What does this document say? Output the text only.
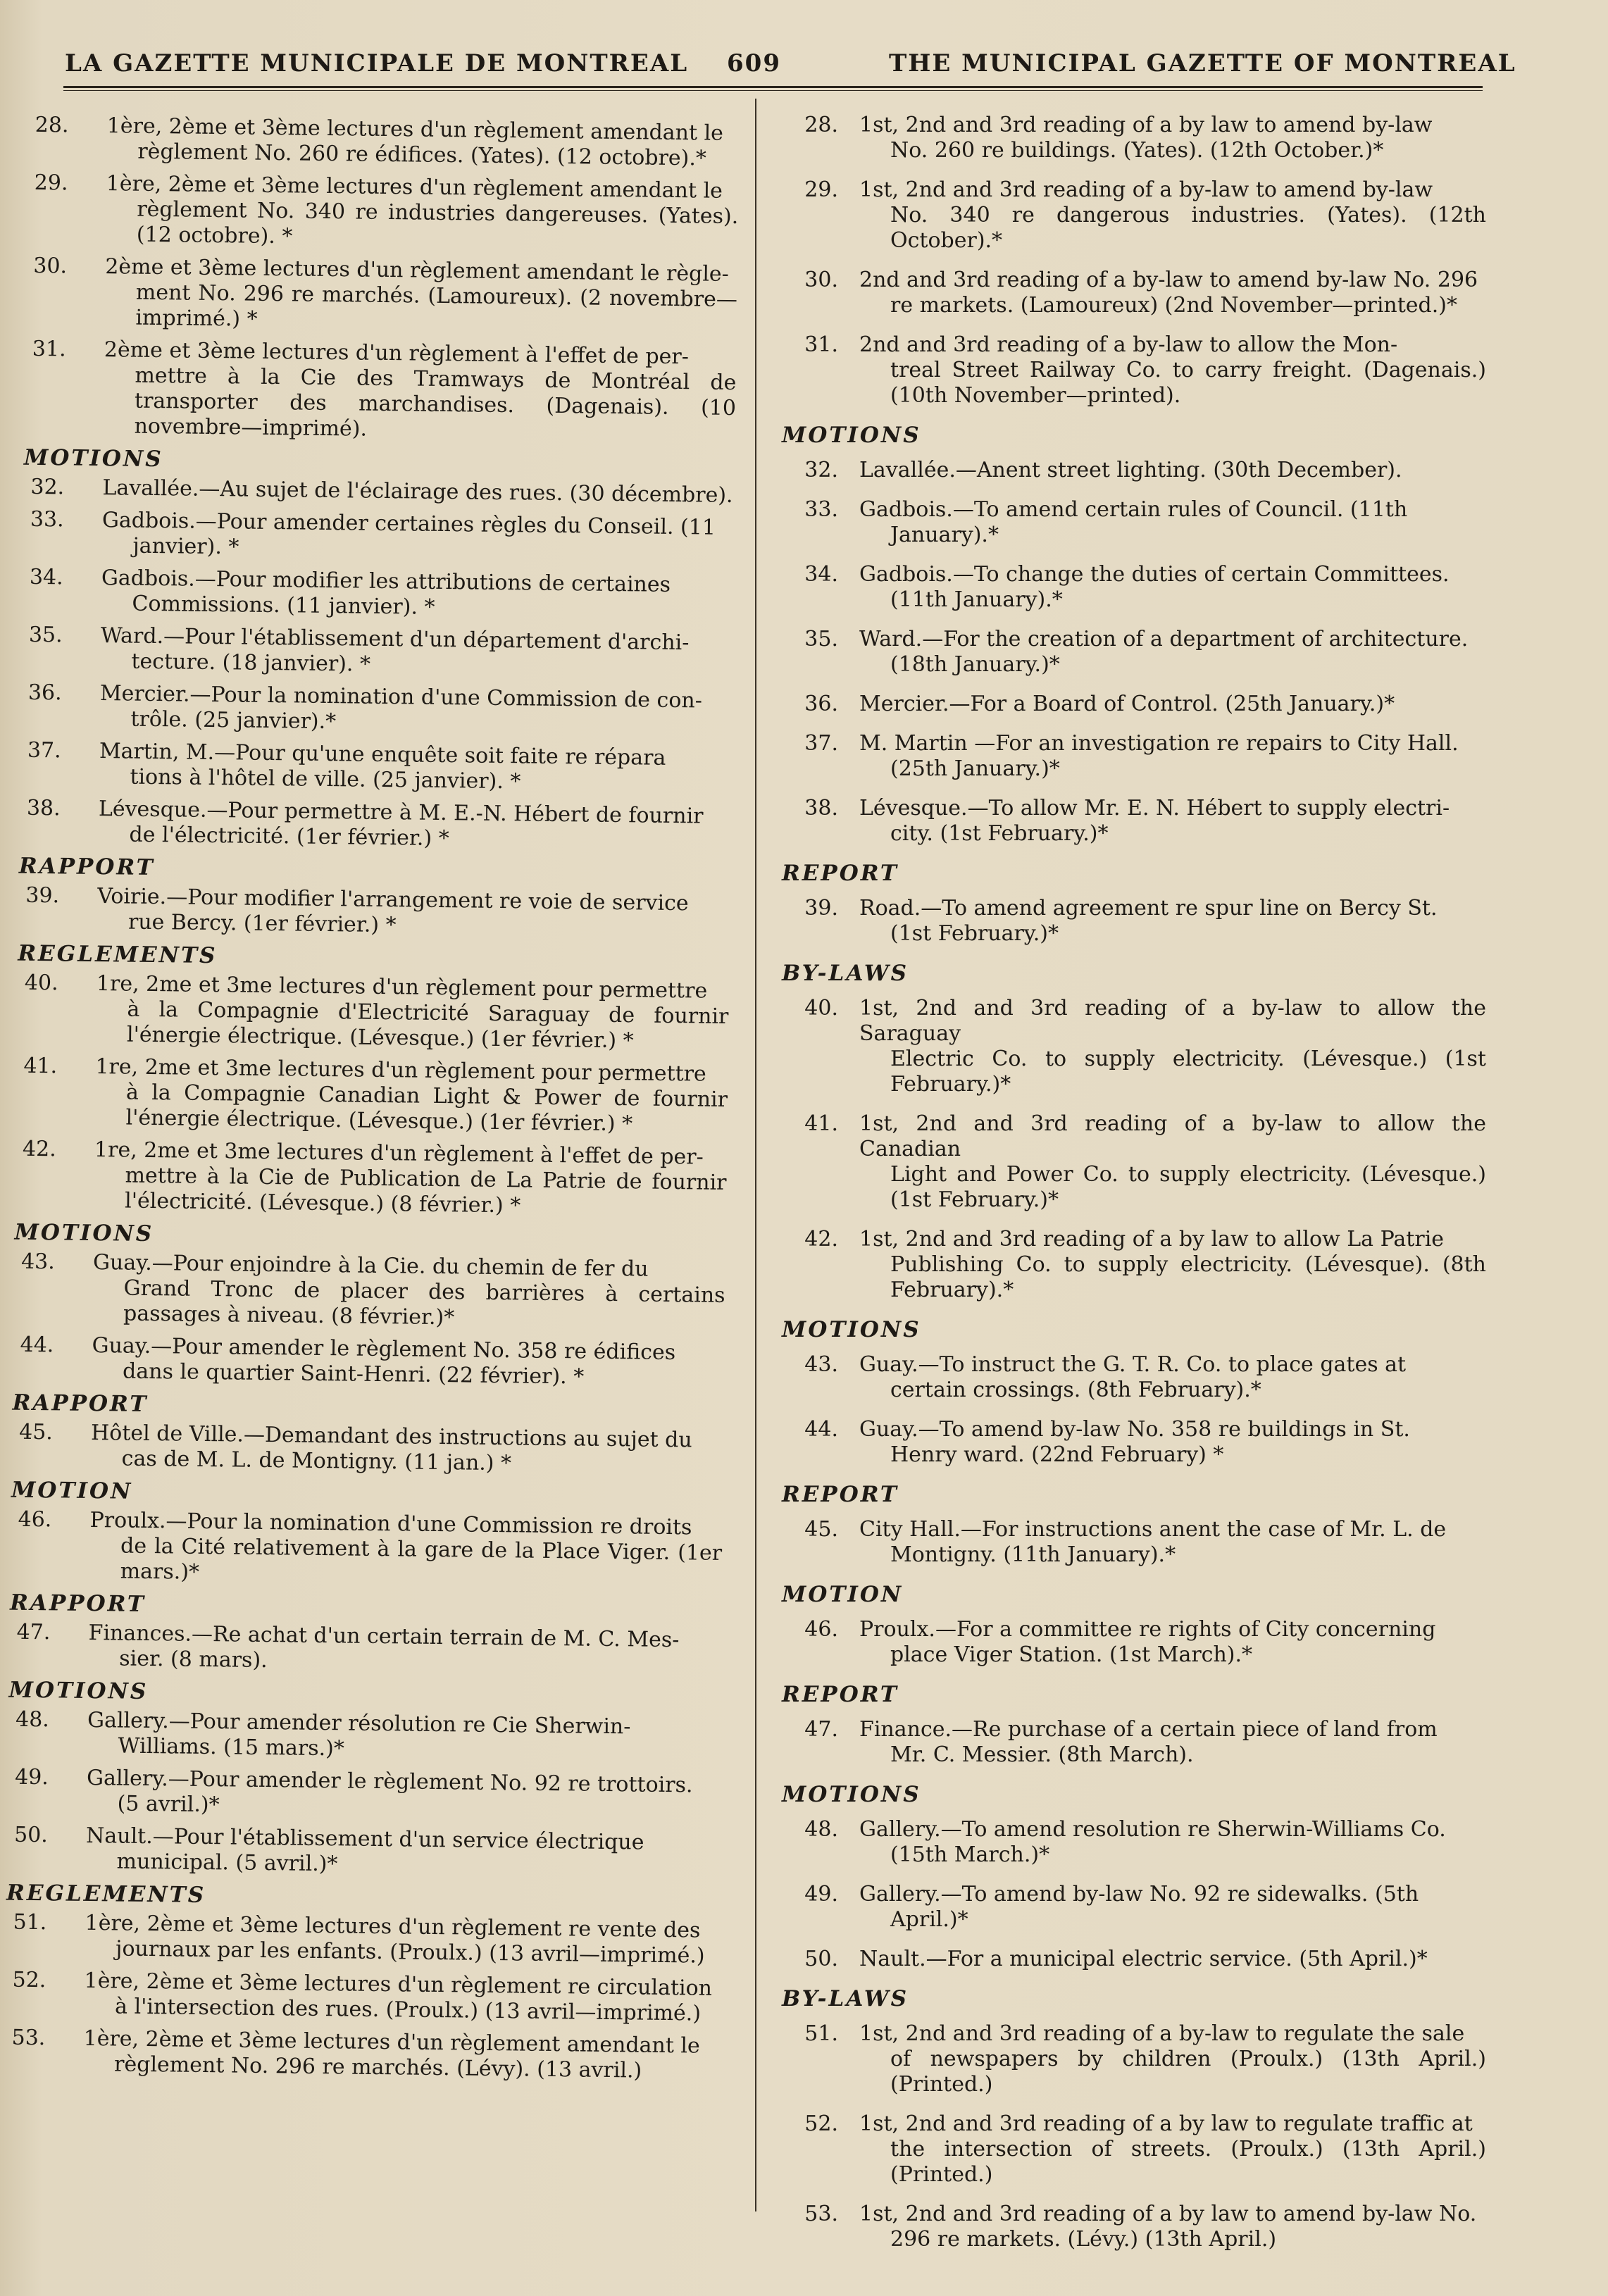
LA GAZETTE MUNICIPALE DE MONTREAL 609	THE MUNICIPAL GAZETTE OF MONTREAL
28.	1ère, 2ème et 3ème lectures d'un règlement amendant le
règlement No. 260 re édifices. (Yates). (12 octobre).*
29.	1ère, 2ème et 3ème lectures d'un règlement amendant le
règlement No. 340 re industries dangereuses. (Yates). (12 octobre). *
30.	2ème et 3ème lectures d'un règlement amendant le règle-
ment No. 296 re marchés. (Lamoureux). (2 novembre—imprimé.) *
31.	2ème et 3ème lectures d'un règlement à l'effet de per-
mettre à la Cie des Tramways de Montréal de transporter des marchandises. (Dagenais). (10 novembre—imprimé).
MOTIONS
32.	Lavallée.—Au sujet de l'éclairage des rues. (30 décembre).
33.	Gadbois.—Pour amender certaines règles du Conseil. (11
janvier). *
34.	Gadbois.—Pour modifier les attributions de certaines
Commissions. (11 janvier). *
35.	Ward.—Pour l'établissement d'un département d'archi-
tecture. (18 janvier). *
36.	Mercier.—Pour la nomination d'une Commission de con-
trôle. (25 janvier).*
37.	Martin, M.—Pour qu'une enquête soit faite re répara
tions à l'hôtel de ville. (25 janvier). *
38.	Lévesque.—Pour permettre à M. E.-N. Hébert de fournir
de l'électricité. (1er février.) *
RAPPORT
39.	Voirie.—Pour modifier l'arrangement re voie de service
rue Bercy. (1er février.) *
REGLEMENTS
40.	1re, 2me et 3me lectures d'un règlement pour permettre
à la Compagnie d'Electricité Saraguay de fournir l'énergie électrique. (Lévesque.) (1er février.) *
41.	1re, 2me et 3me lectures d'un règlement pour permettre
à la Compagnie Canadian Light & Power de fournir l'énergie électrique. (Lévesque.) (1er février.) *
42.	1re, 2me et 3me lectures d'un règlement à l'effet de per-
mettre à la Cie de Publication de La Patrie de fournir l'électricité. (Lévesque.) (8 février.) *
MOTIONS
43.	Guay.—Pour enjoindre à la Cie. du chemin de fer du
Grand Tronc de placer des barrières à certains passages à niveau. (8 février.)*
44.	Guay.—Pour amender le règlement No. 358 re édifices
dans le quartier Saint-Henri. (22 février). *
RAPPORT
45.	Hôtel de Ville.—Demandant des instructions au sujet du
cas de M. L. de Montigny. (11 jan.) *
MOTION
46.	Proulx.—Pour la nomination d'une Commission re droits
de la Cité relativement à la gare de la Place Viger. (1er mars.)*
RAPPORT
47.	Finances.—Re achat d'un certain terrain de M. C. Mes-
sier. (8 mars).
MOTIONS
48.	Gallery.—Pour amender résolution re Cie Sherwin-
Williams. (15 mars.)*
49.	Gallery.—Pour amender le règlement No. 92 re trottoirs.
(5 avril.)*
50.	Nault.—Pour l'établissement d'un service électrique
municipal. (5 avril.)*
REGLEMENTS
51.	1ère, 2ème et 3ème lectures d'un règlement re vente des
journaux par les enfants. (Proulx.) (13 avril—imprimé.)
52.	1ère, 2ème et 3ème lectures d'un règlement re circulation
à l'intersection des rues. (Proulx.) (13 avril—imprimé.)
53.	1ère, 2ème et 3ème lectures d'un règlement amendant le
règlement No. 296 re marchés. (Lévy). (13 avril.)
28. 1st, 2nd and 3rd reading of a by law to amend by-law
No. 260 re buildings. (Yates). (12th October.)*
29. 1st, 2nd and 3rd reading of a by-law to amend by-law
No. 340 re dangerous industries. (Yates). (12th October).*
30. 2nd and 3rd reading of a by-law to amend by-law No. 296
re markets. (Lamoureux) (2nd November—printed.)*
31. 2nd and 3rd reading of a by-law to allow the Mon-
treal Street Railway Co. to carry freight. (Dagenais.) (10th November—printed).
MOTIONS
32. Lavallée.—Anent street lighting. (30th December).
33. Gadbois.—To amend certain rules of Council. (11th
January).*
34. Gadbois.—To change the duties of certain Committees.
(11th January).*
35. Ward.—For the creation of a department of architecture.
(18th January.)*
36. Mercier.—For a Board of Control. (25th January.)*
37. M. Martin —For an investigation re repairs to City Hall.
(25th January.)*
38. Lévesque.—To allow Mr. E. N. Hébert to supply electri-
city. (1st February.)*
REPORT
39. Road.—To amend agreement re spur line on Bercy St.
(1st February.)*
BY-LAWS
40. 1st, 2nd and 3rd reading of a by-law to allow the Saraguay
Electric Co. to supply electricity. (Lévesque.) (1st February.)*
41. 1st, 2nd and 3rd reading of a by-law to allow the Canadian
Light and Power Co. to supply electricity. (Lévesque.) (1st February.)*
42. 1st, 2nd and 3rd reading of a by law to allow La Patrie
Publishing Co. to supply electricity. (Lévesque). (8th February).*
MOTIONS
43. Guay.—To instruct the G. T. R. Co. to place gates at
certain crossings. (8th February).*
44. Guay.—To amend by-law No. 358 re buildings in St.
Henry ward. (22nd February) *
REPORT
45. City Hall.—For instructions anent the case of Mr. L. de
Montigny. (11th January).*
MOTION
46. Proulx.—For a committee re rights of City concerning
place Viger Station. (1st March).*
REPORT
47. Finance.—Re purchase of a certain piece of land from
Mr. C. Messier. (8th March).
MOTIONS
48. Gallery.—To amend resolution re Sherwin-Williams Co.
(15th March.)*
49. Gallery.—To amend by-law No. 92 re sidewalks. (5th
April.)*
50. Nault.—For a municipal electric service. (5th April.)*
BY-LAWS
51. 1st, 2nd and 3rd reading of a by-law to regulate the sale
of newspapers by children (Proulx.) (13th April.) (Printed.)
52. 1st, 2nd and 3rd reading of a by law to regulate traffic at
the intersection of streets. (Proulx.) (13th April.) (Printed.)
53. 1st, 2nd and 3rd reading of a by law to amend by-law No.
296 re markets. (Lévy.) (13th April.)
